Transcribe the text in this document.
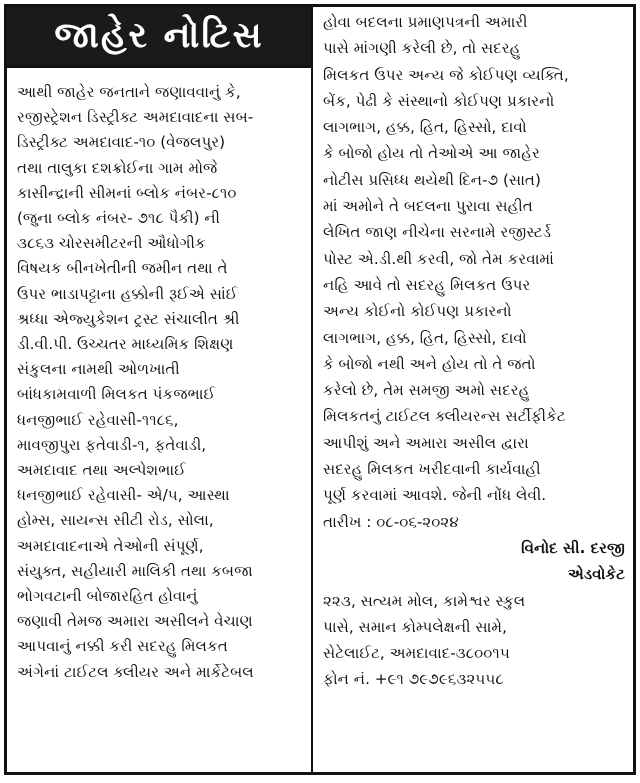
જાહેર નોટિસ
આથી જાહેર જનતાને જણાવવાનું કે,
રજીસ્ટ્રેશન ડિસ્ટ્રીક્ટ અમદાવાદના સબ-
ડિસ્ટ્રીક્ટ અમદાવાદ-૧૦ (વેજલપુર)
તથા તાલુકા દશક્રોઈના ગામ મોજે
કાસીન્દ્રાની સીમનાં બ્લોક નંબર-૮૧૦
(જુના બ્લોક નંબર- ૭૧૮ પૈકી) ની
૩૮૬૩ ચોરસમીટરની ઔધોગીક
વિષયક બીનખેતીની જમીન તથા તે
ઉપર ભાડાપટ્ટાના હક્કોની રૂઈએ સાંઈ
શ્રધ્ધા એજ્યુકેશન ટ્રસ્ટ સંચાલીત શ્રી
ડી.વી.પી. ઉચ્ચતર માધ્યમિક શિક્ષણ
સંકુલના નામથી ઓળખાતી
બાંધકામવાળી મિલકત પંકજભાઈ
ધનજીભાઈ રહેવાસી-૧૧૮૬,
માવજીપુરા ફતેવાડી-૧, ફતેવાડી,
અમદાવાદ તથા અલ્પેશભાઈ
ધનજીભાઈ રહેવાસી- એ/૫, આસ્થા
હોમ્સ, સાયન્સ સીટી રોડ, સોલા,
અમદાવાદનાએ તેઓની સંપૂર્ણ,
સંયુક્ત, સહીયારી માલિકી તથા કબજા
ભોગવટાની બોજારહિત હોવાનું
જણાવી તેમજ અમારા અસીલને વેચાણ
આપવાનું નક્કી કરી સદરહુ મિલકત
અંગેનાં ટાઈટલ ક્લીયર અને માર્કેટેબલ
હોવા બદલના પ્રમાણપત્રની અમારી
પાસે માંગણી કરેલી છે, તો સદરહુ
મિલકત ઉપર અન્ય જે કોઈપણ વ્યક્તિ,
બેંક, પેઢી કે સંસ્થાનો કોઈપણ પ્રકારનો
લાગભાગ, હક્ક, હિત, હિસ્સો, દાવો
કે બોજો હોય તો તેઓએ આ જાહેર
નોટીસ પ્રસિધ્ધ થયેથી દિન-૭ (સાત)
માં અમોને તે બદલના પુરાવા સહીત
લેખિત જાણ નીચેના સરનામે રજીસ્ટર્ડ
પોસ્ટ એ.ડી.થી કરવી, જો તેમ કરવામાં
નહિ આવે તો સદરહુ મિલકત ઉપર
અન્ય કોઈનો કોઈપણ પ્રકારનો
લાગભાગ, હક્ક, હિત, હિસ્સો, દાવો
કે બોજો નથી અને હોય તો તે જતો
કરેલો છે, તેમ સમજી અમો સદરહુ
મિલકતનું ટાઈટલ ક્લીયરન્સ સર્ટીફીકેટ
આપીશું અને અમારા અસીલ દ્વારા
સદરહુ મિલકત ખરીદવાની કાર્યવાહી
પૂર્ણ કરવામાં આવશે. જેની નોંધ લેવી.
તારીખ : ૦૮-૦૬-૨૦૨૪
વિનોદ સી. દરજી
એડવોકેટ
૨૨૩, સત્યમ મોલ, કામેશ્વર સ્કુલ
પાસે, સમાન કોમ્પલેક્ષની સામે,
સેટેલાઈટ, અમદાવાદ-૩૮૦૦૧૫
ફોન નં. +૯૧ ૭૯૭૯૬૩૨૫૫૮
